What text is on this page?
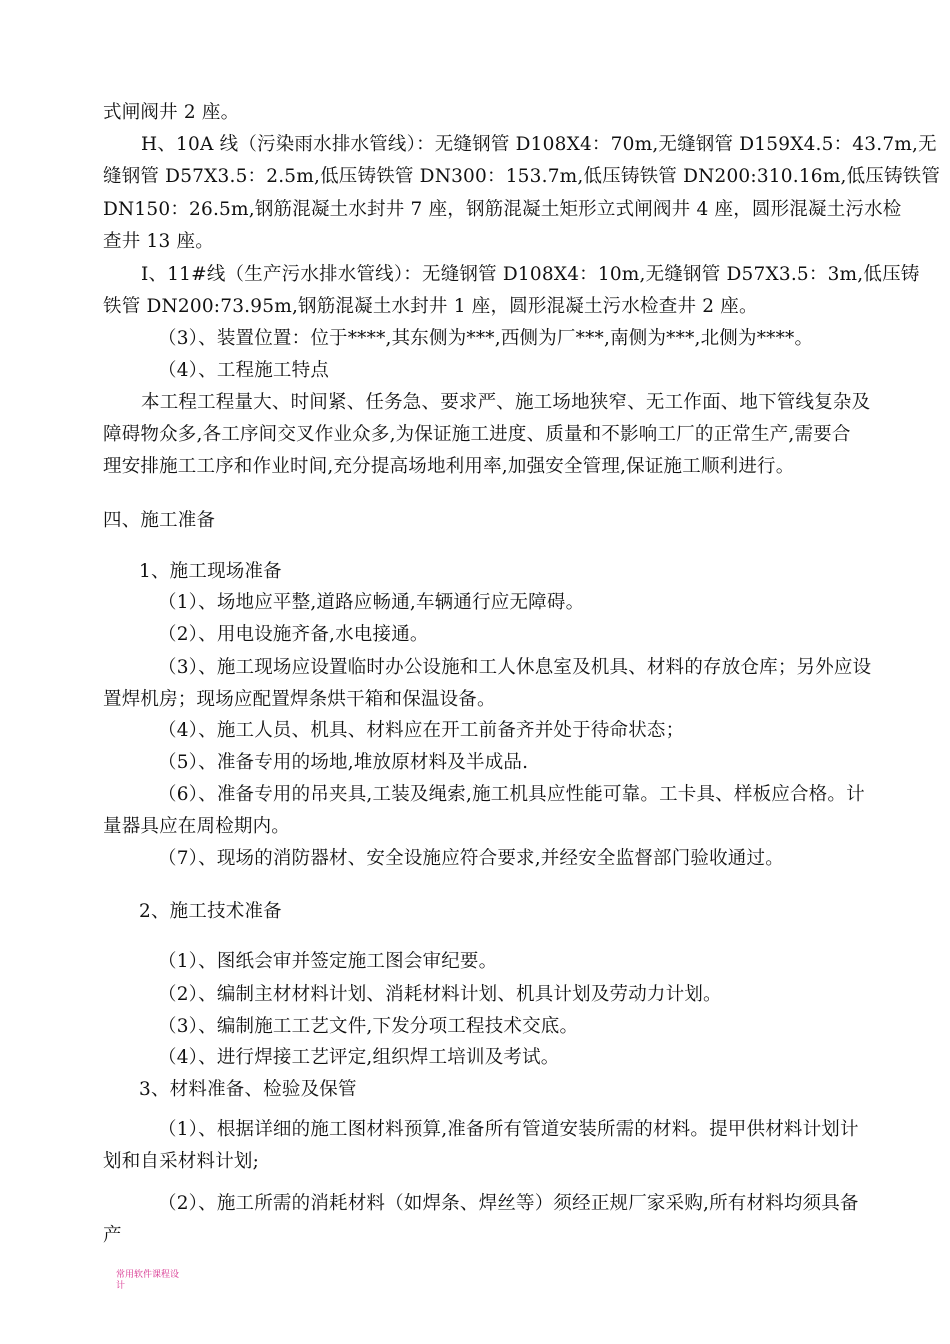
式闸阀井 2 座。
H、10A 线（污染雨水排水管线）：无缝钢管 D108X4：70m,无缝钢管 D159X4.5：43.7m,无
缝钢管 D57X3.5：2.5m,低压铸铁管 DN300：153.7m,低压铸铁管 DN200:310.16m,低压铸铁管
DN150：26.5m,钢筋混凝土水封井 7 座，钢筋混凝土矩形立式闸阀井 4 座，圆形混凝土污水检
查井 13 座。
I、11#线（生产污水排水管线）：无缝钢管 D108X4：10m,无缝钢管 D57X3.5：3m,低压铸
铁管 DN200:73.95m,钢筋混凝土水封井 1 座，圆形混凝土污水检查井 2 座。
（3）、装置位置：位于****,其东侧为***,西侧为厂***,南侧为***,北侧为****。
（4）、工程施工特点
本工程工程量大、时间紧、任务急、要求严、施工场地狭窄、无工作面、地下管线复杂及
障碍物众多,各工序间交叉作业众多,为保证施工进度、质量和不影响工厂的正常生产,需要合
理安排施工工序和作业时间,充分提高场地利用率,加强安全管理,保证施工顺利进行。
四、施工准备
1、施工现场准备
（1）、场地应平整,道路应畅通,车辆通行应无障碍。
（2）、用电设施齐备,水电接通。
（3）、施工现场应设置临时办公设施和工人休息室及机具、材料的存放仓库；另外应设
置焊机房；现场应配置焊条烘干箱和保温设备。
（4）、施工人员、机具、材料应在开工前备齐并处于待命状态；
（5）、准备专用的场地,堆放原材料及半成品.
（6）、准备专用的吊夹具,工装及绳索,施工机具应性能可靠。工卡具、样板应合格。计
量器具应在周检期内。
（7）、现场的消防器材、安全设施应符合要求,并经安全监督部门验收通过。
2、施工技术准备
（1）、图纸会审并签定施工图会审纪要。
（2）、编制主材材料计划、消耗材料计划、机具计划及劳动力计划。
（3）、编制施工工艺文件,下发分项工程技术交底。
（4）、进行焊接工艺评定,组织焊工培训及考试。
3、材料准备、检验及保管
（1）、根据详细的施工图材料预算,准备所有管道安装所需的材料。提甲供材料计划计
划和自采材料计划;
（2）、施工所需的消耗材料（如焊条、焊丝等）须经正规厂家采购,所有材料均须具备
产
常用软件课程设
计
